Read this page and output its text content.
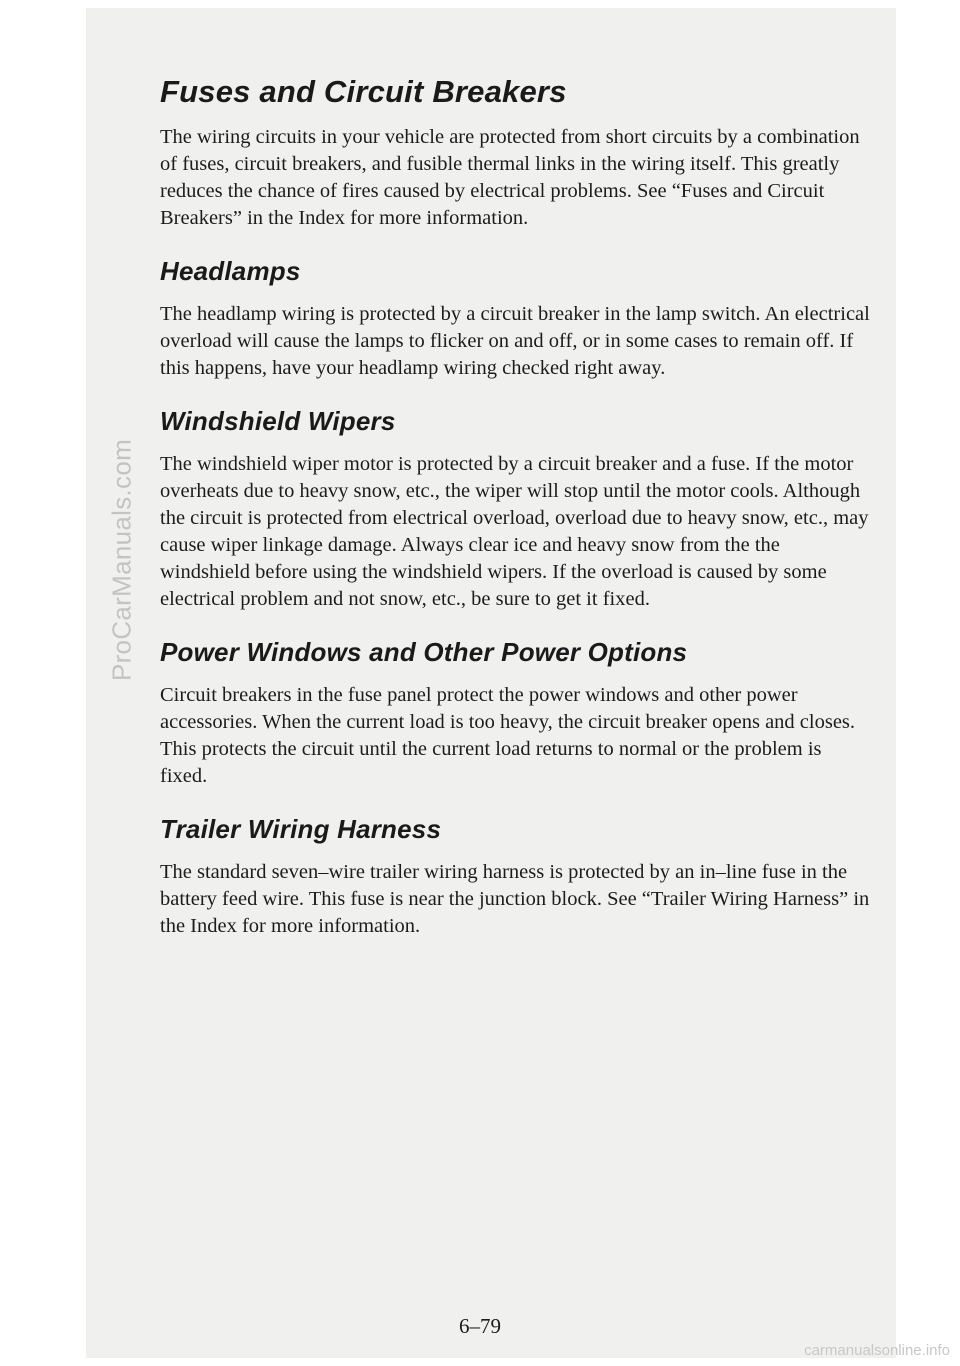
ProCarManuals.com
Fuses and Circuit Breakers

The wiring circuits in your vehicle are protected from short circuits by a combination of fuses, circuit breakers, and fusible thermal links in the wiring itself. This greatly reduces the chance of fires caused by electrical problems. See “Fuses and Circuit Breakers” in the Index for more information.

Headlamps

The headlamp wiring is protected by a circuit breaker in the lamp switch. An electrical overload will cause the lamps to flicker on and off, or in some cases to remain off. If this happens, have your headlamp wiring checked right away.

Windshield Wipers

The windshield wiper motor is protected by a circuit breaker and a fuse. If the motor overheats due to heavy snow, etc., the wiper will stop until the motor cools. Although the circuit is protected from electrical overload, overload due to heavy snow, etc., may cause wiper linkage damage. Always clear ice and heavy snow from the the windshield before using the windshield wipers. If the overload is caused by some electrical problem and not snow, etc., be sure to get it fixed.

Power Windows and Other Power Options

Circuit breakers in the fuse panel protect the power windows and other power accessories. When the current load is too heavy, the circuit breaker opens and closes. This protects the circuit until the current load returns to normal or the problem is fixed.

Trailer Wiring Harness

The standard seven–wire trailer wiring harness is protected by an in–line fuse in the battery feed wire. This fuse is near the junction block. See “Trailer Wiring Harness” in the Index for more information.

6–79
carmanualsonline.info
